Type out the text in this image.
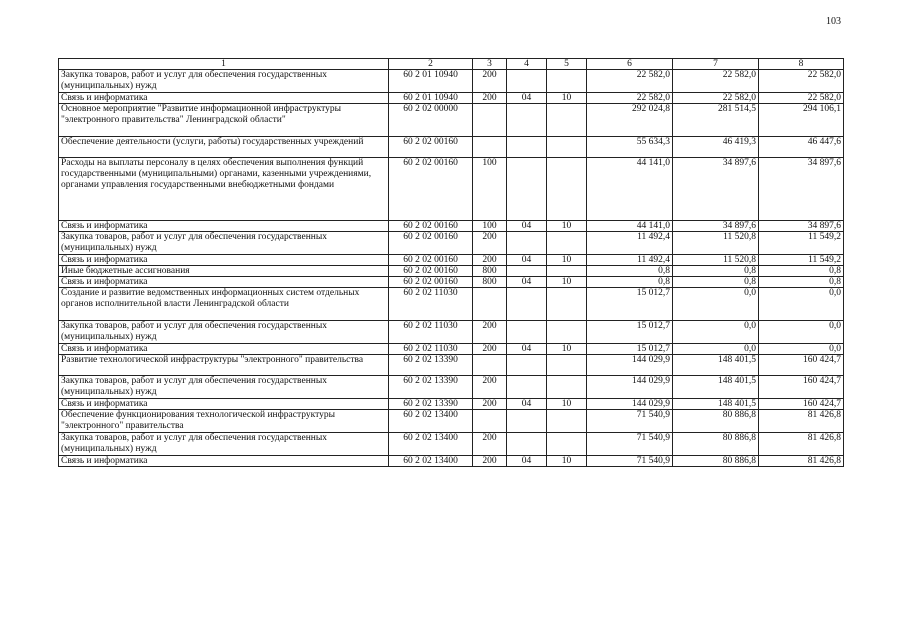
103
1	2	3	4	5	6	7	8
Закупка товаров, работ и услуг для обеспечения государственных (муниципальных) нужд	60 2 01 10940	200			22 582,0	22 582,0	22 582,0
Связь и информатика	60 2 01 10940	200	04	10	22 582,0	22 582,0	22 582,0
Основное мероприятие "Развитие информационной инфраструктуры "электронного правительства" Ленинградской области"	60 2 02 00000				292 024,8	281 514,5	294 106,1
Обеспечение деятельности (услуги, работы) государственных учреждений	60 2 02 00160				55 634,3	46 419,3	46 447,6
Расходы на выплаты персоналу в целях обеспечения выполнения функций государственными (муниципальными) органами, казенными учреждениями, органами управления государственными внебюджетными фондами	60 2 02 00160	100			44 141,0	34 897,6	34 897,6
Связь и информатика	60 2 02 00160	100	04	10	44 141,0	34 897,6	34 897,6
Закупка товаров, работ и услуг для обеспечения государственных (муниципальных) нужд	60 2 02 00160	200			11 492,4	11 520,8	11 549,2
Связь и информатика	60 2 02 00160	200	04	10	11 492,4	11 520,8	11 549,2
Иные бюджетные ассигнования	60 2 02 00160	800			0,8	0,8	0,8
Связь и информатика	60 2 02 00160	800	04	10	0,8	0,8	0,8
Создание и развитие ведомственных информационных систем отдельных органов исполнительной власти Ленинградской области	60 2 02 11030				15 012,7	0,0	0,0
Закупка товаров, работ и услуг для обеспечения государственных (муниципальных) нужд	60 2 02 11030	200			15 012,7	0,0	0,0
Связь и информатика	60 2 02 11030	200	04	10	15 012,7	0,0	0,0
Развитие технологической инфраструктуры "электронного" правительства	60 2 02 13390				144 029,9	148 401,5	160 424,7
Закупка товаров, работ и услуг для обеспечения государственных (муниципальных) нужд	60 2 02 13390	200			144 029,9	148 401,5	160 424,7
Связь и информатика	60 2 02 13390	200	04	10	144 029,9	148 401,5	160 424,7
Обеспечение функционирования технологической инфраструктуры "электронного" правительства	60 2 02 13400				71 540,9	80 886,8	81 426,8
Закупка товаров, работ и услуг для обеспечения государственных (муниципальных) нужд	60 2 02 13400	200			71 540,9	80 886,8	81 426,8
Связь и информатика	60 2 02 13400	200	04	10	71 540,9	80 886,8	81 426,8
